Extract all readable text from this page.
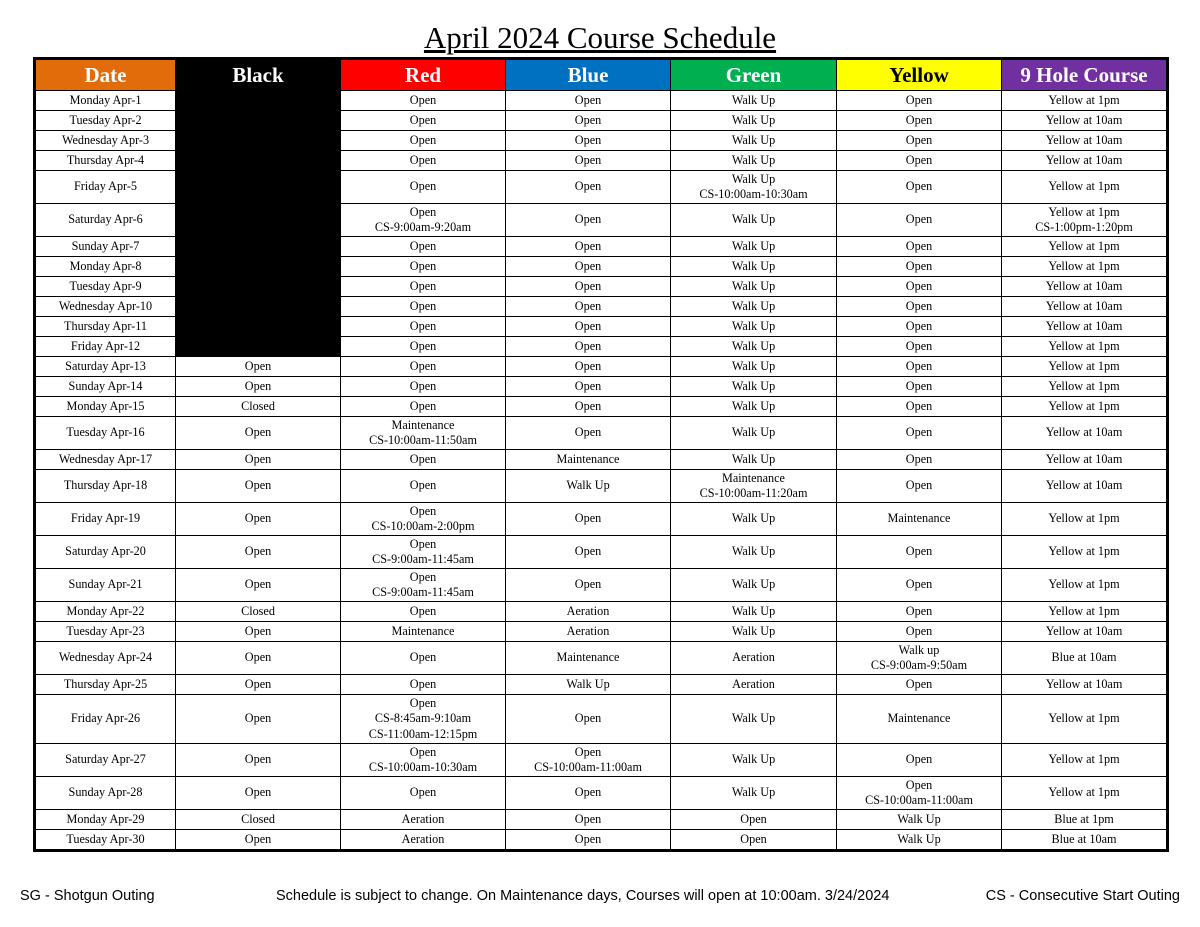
April 2024 Course Schedule
Date	Black	Red	Blue	Green	Yellow	9 Hole Course
Monday Apr-1		Open	Open	Walk Up	Open	Yellow at 1pm
Tuesday Apr-2		Open	Open	Walk Up	Open	Yellow at 10am
Wednesday Apr-3		Open	Open	Walk Up	Open	Yellow at 10am
Thursday Apr-4		Open	Open	Walk Up	Open	Yellow at 10am
Friday Apr-5		Open	Open	Walk Up
CS-10:00am-10:30am	Open	Yellow at 1pm
Saturday Apr-6		Open
CS-9:00am-9:20am	Open	Walk Up	Open	Yellow at 1pm
CS-1:00pm-1:20pm

Sunday Apr-7		Open	Open	Walk Up	Open	Yellow at 1pm
Monday Apr-8		Open	Open	Walk Up	Open	Yellow at 1pm
Tuesday Apr-9		Open	Open	Walk Up	Open	Yellow at 10am
Wednesday Apr-10		Open	Open	Walk Up	Open	Yellow at 10am
Thursday Apr-11		Open	Open	Walk Up	Open	Yellow at 10am
Friday Apr-12		Open	Open	Walk Up	Open	Yellow at 1pm
Saturday Apr-13	Open	Open	Open	Walk Up	Open	Yellow at 1pm
Sunday Apr-14	Open	Open	Open	Walk Up	Open	Yellow at 1pm
Monday Apr-15	Closed	Open	Open	Walk Up	Open	Yellow at 1pm
Tuesday Apr-16	Open	Maintenance
CS-10:00am-11:50am	Open	Walk Up	Open	Yellow at 10am
Wednesday Apr-17	Open	Open	Maintenance	Walk Up	Open	Yellow at 10am
Thursday Apr-18	Open	Open	Walk Up	Maintenance
CS-10:00am-11:20am	Open	Yellow at 10am
Friday Apr-19	Open	Open
CS-10:00am-2:00pm	Open	Walk Up	Maintenance	Yellow at 1pm
Saturday Apr-20	Open	Open
CS-9:00am-11:45am	Open	Walk Up	Open	Yellow at 1pm
Sunday Apr-21	Open	Open
CS-9:00am-11:45am	Open	Walk Up	Open	Yellow at 1pm
Monday Apr-22	Closed	Open	Aeration	Walk Up	Open	Yellow at 1pm
Tuesday Apr-23	Open	Maintenance	Aeration	Walk Up	Open	Yellow at 10am
Wednesday Apr-24	Open	Open	Maintenance	Aeration	Walk up
CS-9:00am-9:50am	Blue at 10am
Thursday Apr-25	Open	Open	Walk Up	Aeration	Open	Yellow at 10am
Friday Apr-26	Open	Open
CS-8:45am-9:10am
CS-11:00am-12:15pm	Open	Walk Up	Maintenance	Yellow at 1pm
Saturday Apr-27	Open	Open
CS-10:00am-10:30am	Open
CS-10:00am-11:00am	Walk Up	Open	Yellow at 1pm
Sunday Apr-28	Open	Open	Open	Walk Up	Open
CS-10:00am-11:00am	Yellow at 1pm
Monday Apr-29	Closed	Aeration	Open	Open	Walk Up	Blue at 1pm
Tuesday Apr-30	Open	Aeration	Open	Open	Walk Up	Blue at 10am
SG - Shotgun Outing	Schedule is subject to change. On Maintenance days, Courses will open at 10:00am. 3/24/2024	CS - Consecutive Start Outing
